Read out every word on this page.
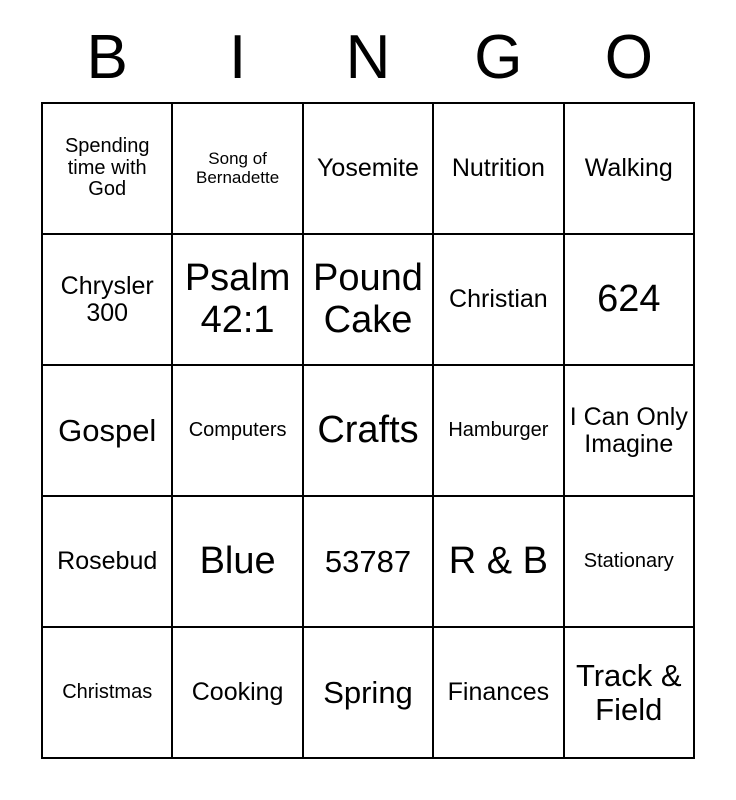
B	I	N	G	O
Spending time with God	Song of Bernadette	Yosemite	Nutrition	Walking
Chrysler 300	Psalm 42:1	Pound Cake	Christian	624
Gospel	Computers	Crafts	Hamburger	I Can Only Imagine
Rosebud	Blue	53787	R & B	Stationary
Christmas	Cooking	Spring	Finances	Track & Field
